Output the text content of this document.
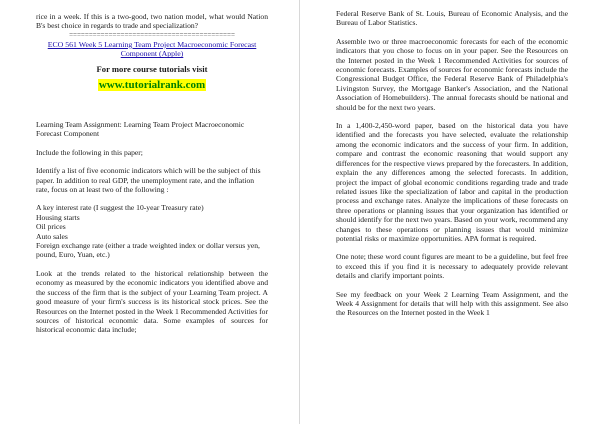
rice in a week. If this is a two-good, two nation model, what would Nation B's best choice in regards to trade and specialization?

==========================================

ECO 561 Week 5 Learning Team Project Macroeconomic Forecast Component (Apple)

For more course tutorials visit

www.tutorialrank.com

Learning Team Assignment: Learning Team Project Macroeconomic Forecast Component

Include the following in this paper;

Identify a list of five economic indicators which will be the subject of this paper. In addition to real GDP, the unemployment rate, and the inflation rate, focus on at least two of the following :

A key interest rate (I suggest the 10-year Treasury rate)

Housing starts

Oil prices

Auto sales

Foreign exchange rate (either a trade weighted index or dollar versus yen, pound, Euro, Yuan, etc.)

Look at the trends related to the historical relationship between the economy as measured by the economic indicators you identified above and the success of the firm that is the subject of your Learning Team project. A good measure of your firm's success is its historical stock prices. See the Resources on the Internet posted in the Week 1 Recommended Activities for sources of historical economic data. Some examples of sources for historical economic data include;

Federal Reserve Bank of St. Louis, Bureau of Economic Analysis, and the Bureau of Labor Statistics.

Assemble two or three macroeconomic forecasts for each of the economic indicators that you chose to focus on in your paper. See the Resources on the Internet posted in the Week 1 Recommended Activities for sources of economic forecasts. Examples of sources for economic forecasts include the Congressional Budget Office, the Federal Reserve Bank of Philadelphia's Livingston Survey, the Mortgage Banker's Association, and the National Association of Homebuilders). The annual forecasts should be national and should be for the next two years.

In a 1,400-2,450-word paper, based on the historical data you have identified and the forecasts you have selected, evaluate the relationship among the economic indicators and the success of your firm. In addition, compare and contrast the economic reasoning that would support any differences for the respective views prepared by the forecasters. In addition, explain the any differences among the selected forecasts. In addition, project the impact of global economic conditions regarding trade and trade related issues like the specialization of labor and capital in the production process and exchange rates. Analyze the implications of these forecasts on three operations or planning issues that your organization has identified or should identify for the next two years. Based on your work, recommend any changes to these operations or planning issues that would minimize potential risks or maximize opportunities. APA format is required.

One note; these word count figures are meant to be a guideline, but feel free to exceed this if you find it is necessary to adequately provide relevant details and clarify important points.

See my feedback on your Week 2 Learning Team Assignment, and the Week 4 Assignment for details that will help with this assignment. See also the Resources on the Internet posted in the Week 1
